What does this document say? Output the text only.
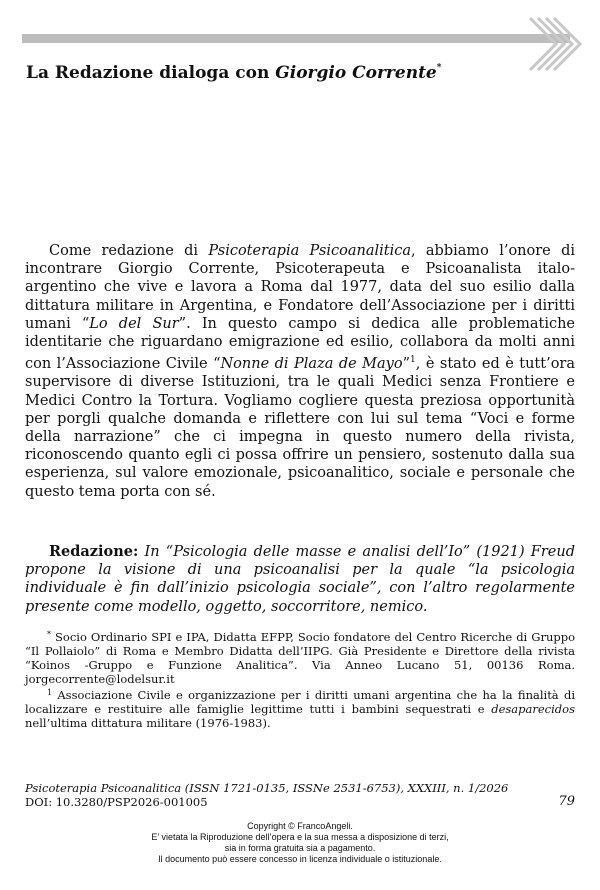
La Redazione dialoga con Giorgio Corrente*

Come redazione di Psicoterapia Psicoanalitica, abbiamo l’onore di incontrare Giorgio Corrente, Psicoterapeuta e Psicoanalista italo-argentino che vive e lavora a Roma dal 1977, data del suo esilio dalla dittatura militare in Argentina, e Fondatore dell’Associazione per i diritti umani “Lo del Sur”. In questo campo si dedica alle problematiche identitarie che riguardano emigrazione ed esilio, collabora da molti anni con l’Associazione Civile “Nonne di Plaza de Mayo”$^1$, è stato ed è tutt’ora supervisore di diverse Istituzioni, tra le quali Medici senza Frontiere e Medici Contro la Tortura. Vogliamo cogliere questa preziosa opportunità per porgli qualche domanda e riflettere con lui sul tema “Voci e forme della narrazione” che ci impegna in questo numero della rivista, riconoscendo quanto egli ci possa offrire un pensiero, sostenuto dalla sua esperienza, sul valore emozionale, psicoanalitico, sociale e personale che questo tema porta con sé.

Redazione: In “Psicologia delle masse e analisi dell’Io” (1921) Freud propone la visione di una psicoanalisi per la quale “la psicologia individuale è fin dall’inizio psicologia sociale”, con l’altro regolarmente presente come modello, oggetto, soccorritore, nemico.

* Socio Ordinario SPI e IPA, Didatta EFPP, Socio fondatore del Centro Ricerche di Gruppo “Il Pollaiolo” di Roma e Membro Didatta dell’IIPG. Già Presidente e Direttore della rivista “Koinos -Gruppo e Funzione Analitica”. Via Anneo Lucano 51, 00136 Roma. jorgecorrente@lodelsur.it

$^1$ Associazione Civile e organizzazione per i diritti umani argentina che ha la finalità di localizzare e restituire alle famiglie legittime tutti i bambini sequestrati e desaparecidos nell’ultima dittatura militare (1976-1983).

Psicoterapia Psicoanalitica (ISSN 1721-0135, ISSNe 2531-6753), XXXIII, n. 1/2026
DOI: 10.3280/PSP2026-001005	79
Copyright © FrancoAngeli.
E’ vietata la Riproduzione dell’opera e la sua messa a disposizione di terzi,
sia in forma gratuita sia a pagamento.
Il documento può essere concesso in licenza individuale o istituzionale.
